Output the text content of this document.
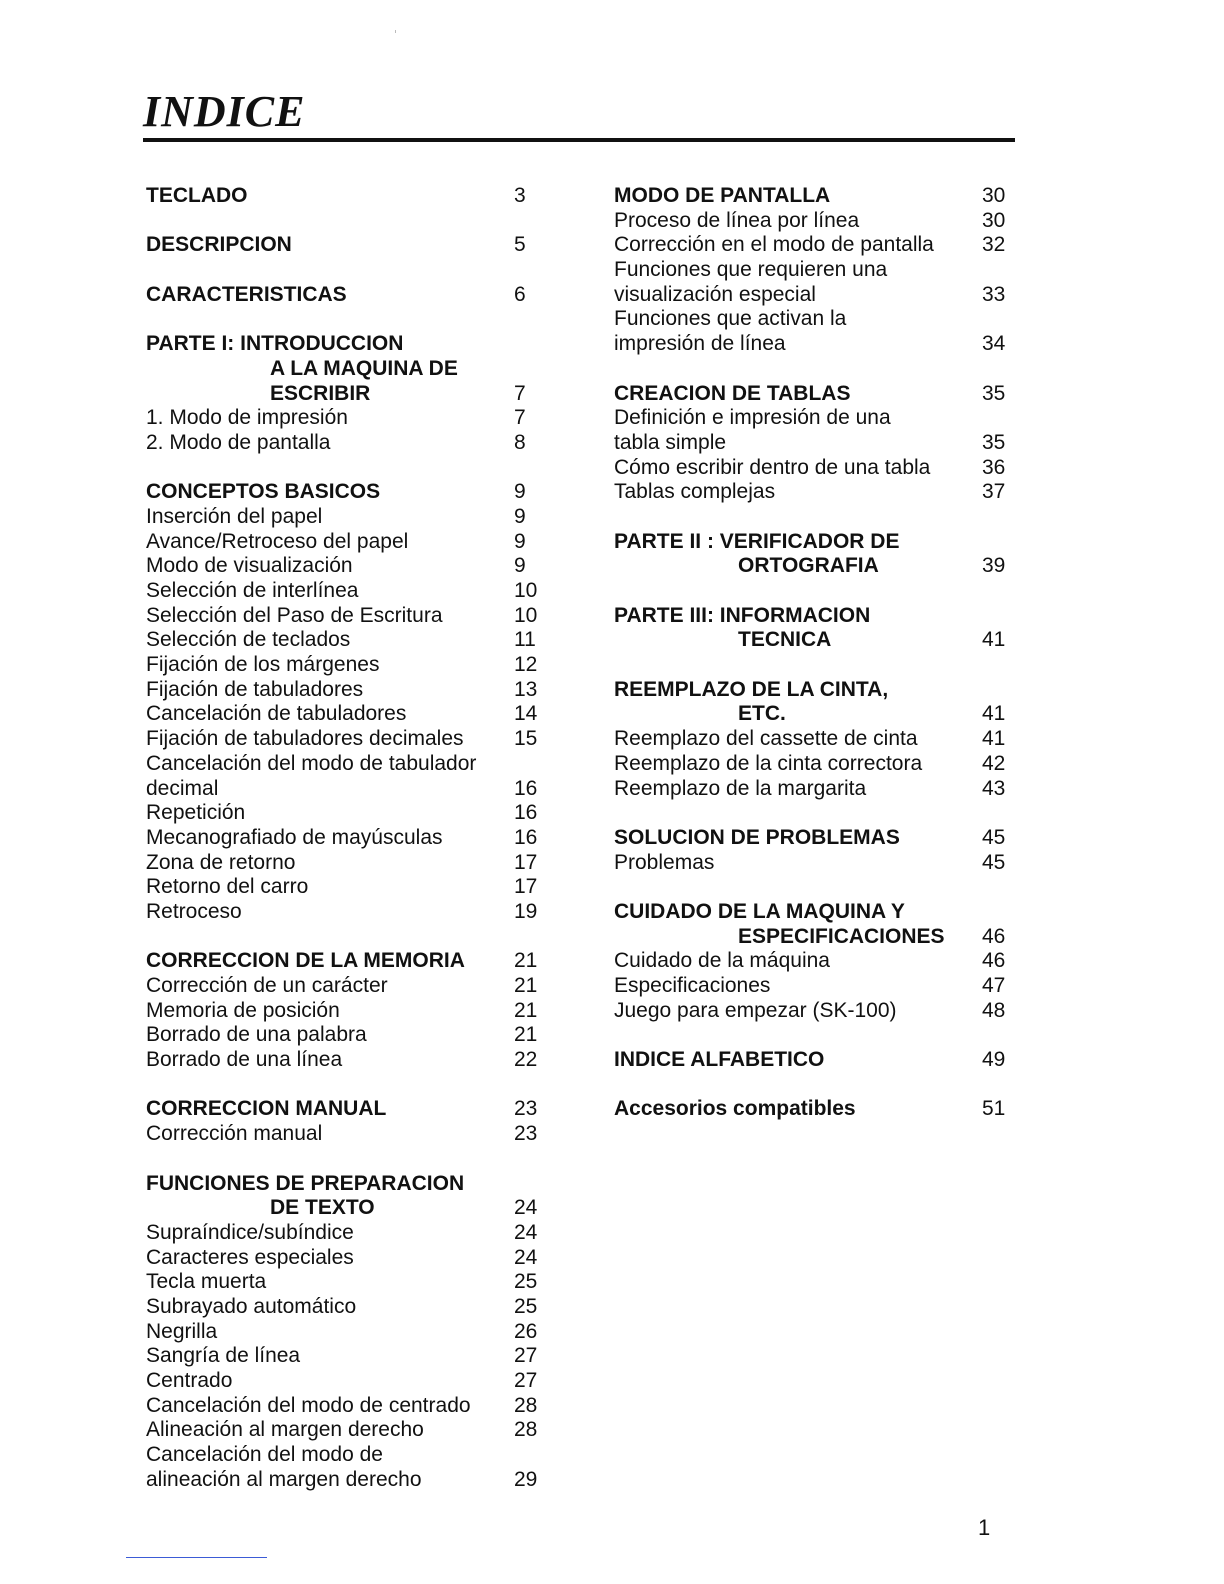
INDICE
TECLADO	3
DESCRIPCION	5
CARACTERISTICAS	6
PARTE I: INTRODUCCION
A LA MAQUINA DE
ESCRIBIR	7
1. Modo de impresión	7
2. Modo de pantalla	8
CONCEPTOS BASICOS	9
Inserción del papel	9
Avance/Retroceso del papel	9
Modo de visualización	9
Selección de interlínea	10
Selección del Paso de Escritura	10
Selección de teclados	11
Fijación de los márgenes	12
Fijación de tabuladores	13
Cancelación de tabuladores	14
Fijación de tabuladores decimales 15
Cancelación del modo de tabulador
decimal	16
Repetición	16
Mecanografiado de mayúsculas	16
Zona de retorno	17
Retorno del carro	17
Retroceso	19
CORRECCION DE LA MEMORIA 21
Corrección de un carácter	21
Memoria de posición	21
Borrado de una palabra	21
Borrado de una línea	22
CORRECCION MANUAL	23
Corrección manual	23
FUNCIONES DE PREPARACION
DE TEXTO	24
Supraíndice/subíndice	24
Caracteres especiales	24
Tecla muerta	25
Subrayado automático	25
Negrilla	26
Sangría de línea	27
Centrado	27
Cancelación del modo de centrado 28
Alineación al margen derecho	28
Cancelación del modo de
alineación al margen derecho	29
MODO DE PANTALLA	30
Proceso de línea por línea	30
Corrección en el modo de pantalla 32
Funciones que requieren una
visualización especial	33
Funciones que activan la
impresión de línea	34
CREACION DE TABLAS	35
Definición e impresión de una
tabla simple	35
Cómo escribir dentro de una tabla 36
Tablas complejas	37
PARTE II : VERIFICADOR DE
ORTOGRAFIA	39
PARTE III: INFORMACION
TECNICA	41
REEMPLAZO DE LA CINTA,
ETC.	41
Reemplazo del cassette de cinta	41
Reemplazo de la cinta correctora	42
Reemplazo de la margarita	43
SOLUCION DE PROBLEMAS	45
Problemas	45
CUIDADO DE LA MAQUINA Y
ESPECIFICACIONES 46
Cuidado de la máquina	46
Especificaciones	47
Juego para empezar (SK-100)	48
INDICE ALFABETICO	49
Accesorios compatibles	51
1
